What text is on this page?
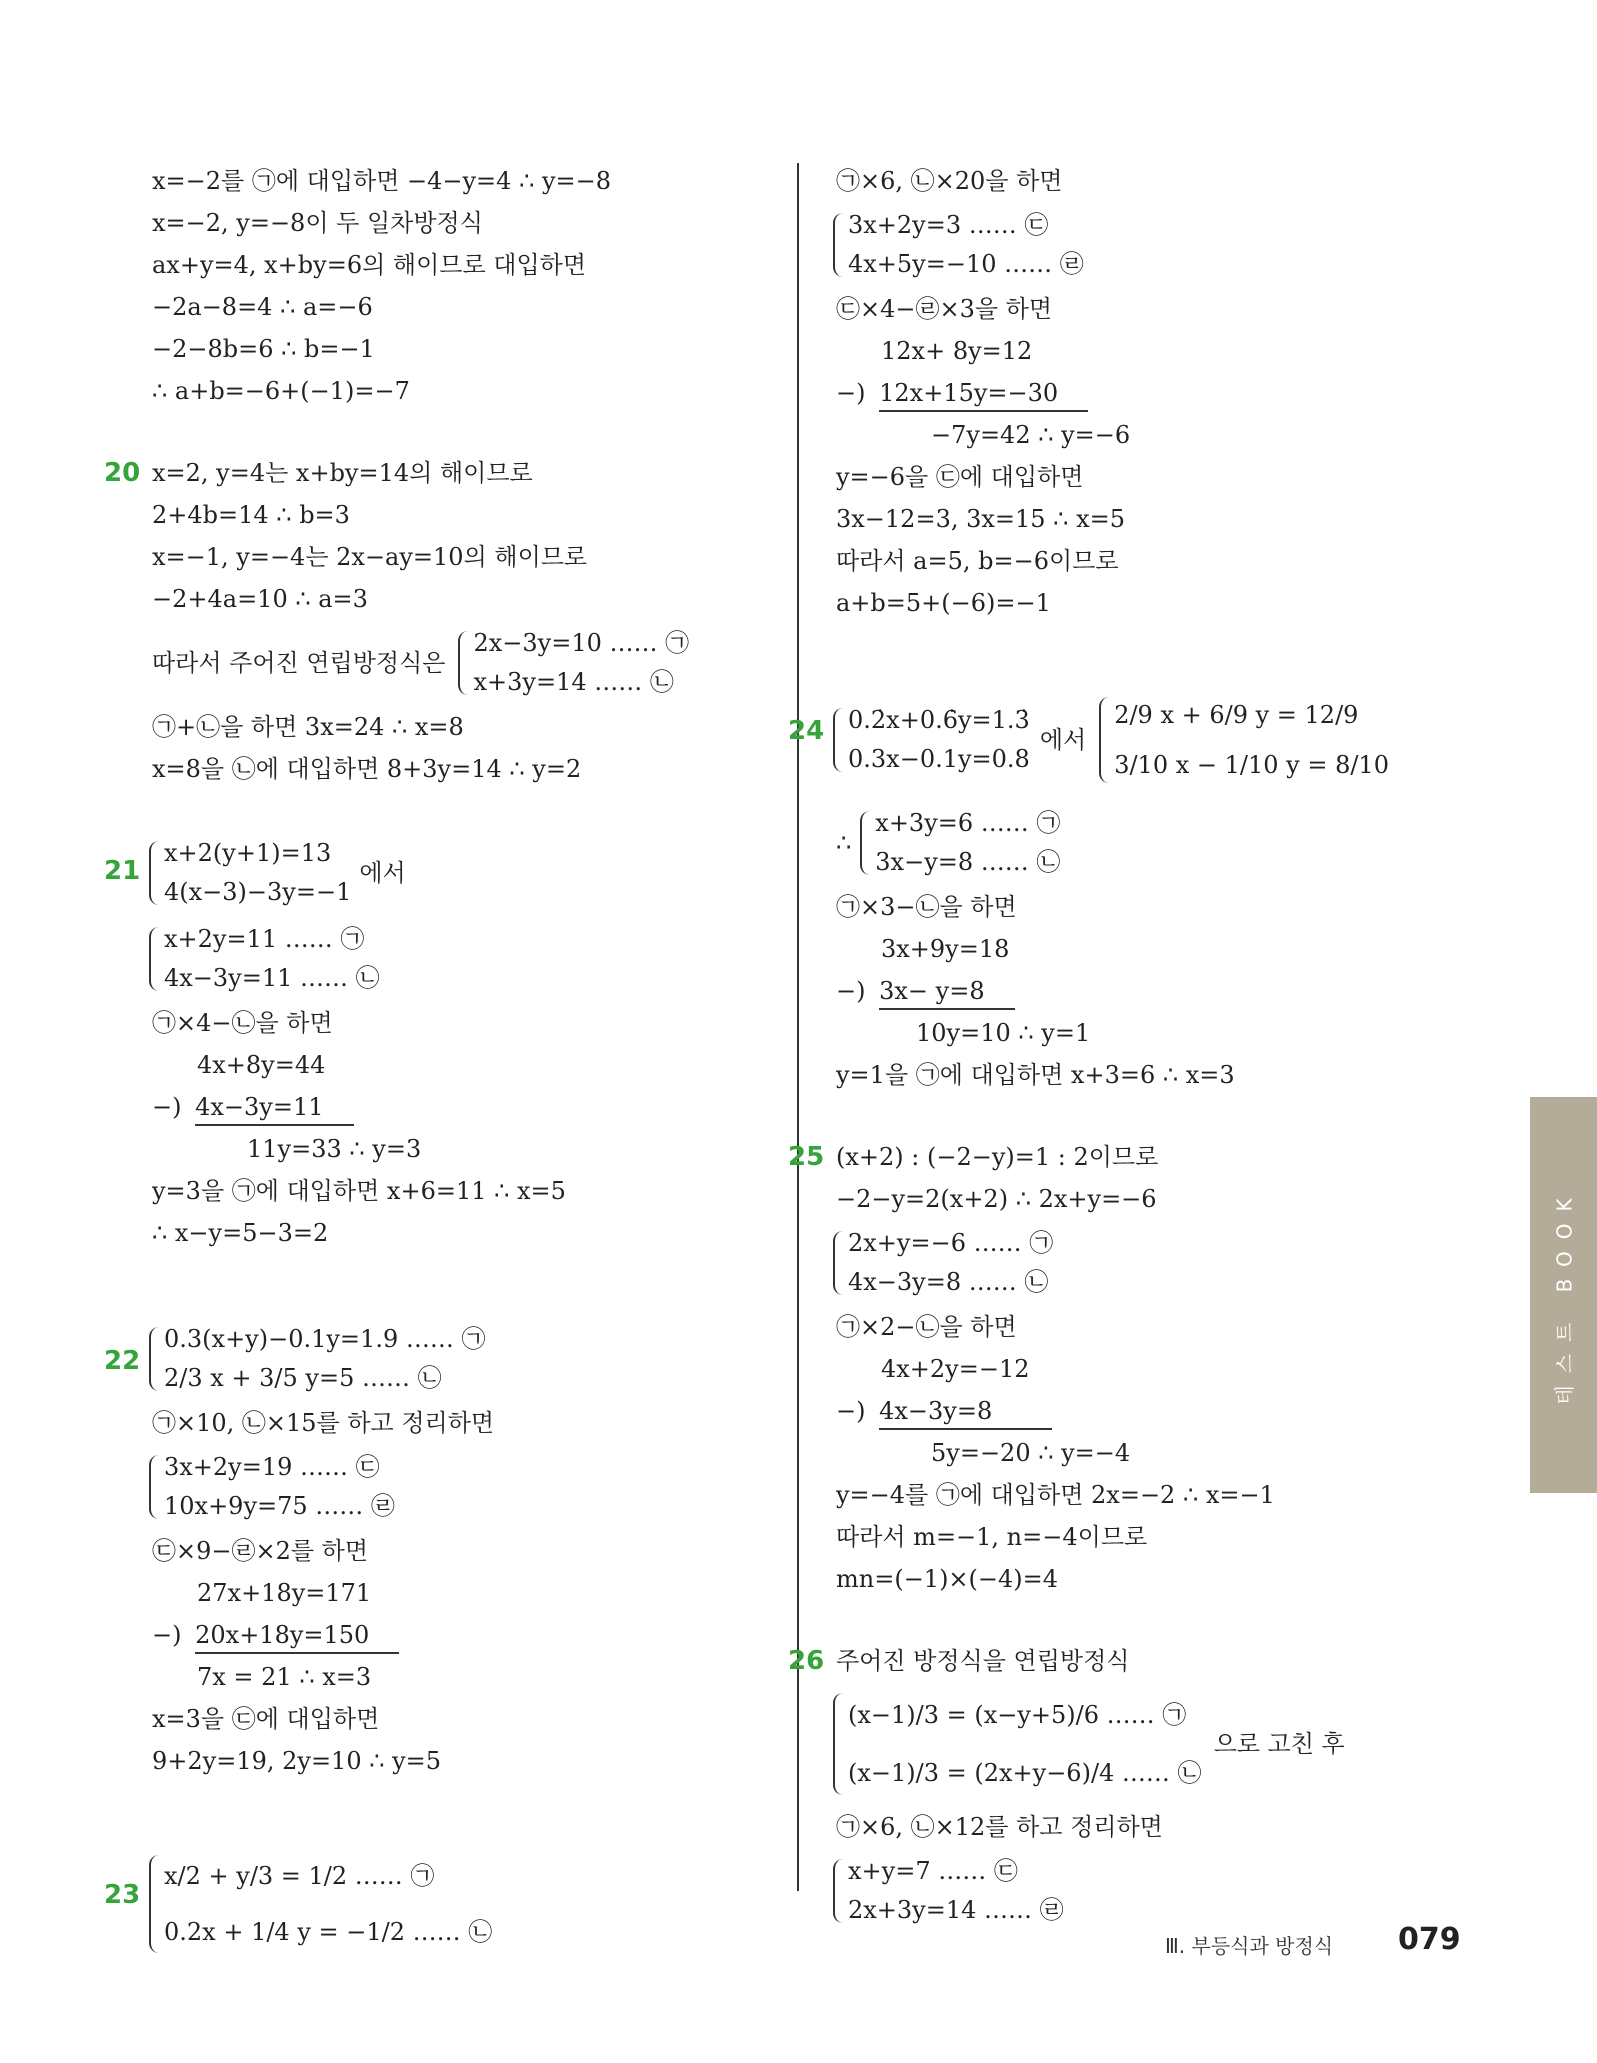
x=−2를 ㉠에 대입하면 −4−y=4 ∴ y=−8
x=−2, y=−8이 두 일차방정식
ax+y=4, x+by=6의 해이므로 대입하면
−2a−8=4 ∴ a=−6
−2−8b=6 ∴ b=−1
∴ a+b=−6+(−1)=−7
20 x=2, y=4는 x+by=14의 해이므로
2+4b=14 ∴ b=3
x=−1, y=−4는 2x−ay=10의 해이므로
−2+4a=10 ∴ a=3
따라서 주어진 연립방정식은
2x−3y=10 …… ㉠
x+3y=14 …… ㉡
㉠+㉡을 하면 3x=24 ∴ x=8
x=8을 ㉡에 대입하면 8+3y=14 ∴ y=2
21
x+2(y+1)=13
4(x−3)−3y=−1
에서
x+2y=11 …… ㉠
4x−3y=11 …… ㉡
㉠×4−㉡을 하면
4x+8y=44
−) 4x−3y=11
11y=33 ∴ y=3
y=3을 ㉠에 대입하면 x+6=11 ∴ x=5
∴ x−y=5−3=2
22
0.3(x+y)−0.1y=1.9 …… ㉠
2/3 x + 3/5 y=5 …… ㉡
㉠×10, ㉡×15를 하고 정리하면
3x+2y=19 …… ㉢
10x+9y=75 …… ㉣
㉢×9−㉣×2를 하면
27x+18y=171
−) 20x+18y=150
7x = 21 ∴ x=3
x=3을 ㉢에 대입하면
9+2y=19, 2y=10 ∴ y=5
23
x/2 + y/3 = 1/2 …… ㉠
0.2x + 1/4 y = −1/2 …… ㉡
㉠×6, ㉡×20을 하면
3x+2y=3 …… ㉢
4x+5y=−10 …… ㉣
㉢×4−㉣×3을 하면
12x+ 8y=12
−) 12x+15y=−30
−7y=42 ∴ y=−6
y=−6을 ㉢에 대입하면
3x−12=3, 3x=15 ∴ x=5
따라서 a=5, b=−6이므로
a+b=5+(−6)=−1
24 0.2̇x+0.6̇y=1.3̇
0.3x−0.1y=0.8
에서
2/9 x + 6/9 y = 12/9
3/10 x − 1/10 y = 8/10
∴
x+3y=6 …… ㉠
3x−y=8 …… ㉡
㉠×3−㉡을 하면
3x+9y=18
−) 3x− y=8
10y=10 ∴ y=1
y=1을 ㉠에 대입하면 x+3=6 ∴ x=3
25 (x+2) : (−2−y)=1 : 2이므로
−2−y=2(x+2) ∴ 2x+y=−6
2x+y=−6 …… ㉠
4x−3y=8 …… ㉡
㉠×2−㉡을 하면
4x+2y=−12
−) 4x−3y=8
5y=−20 ∴ y=−4
y=−4를 ㉠에 대입하면 2x=−2 ∴ x=−1
따라서 m=−1, n=−4이므로
mn=(−1)×(−4)=4
26 주어진 방정식을 연립방정식
(x−1)/3 = (x−y+5)/6 …… ㉠
(x−1)/3 = (2x+y−6)/4 …… ㉡
으로 고친 후
㉠×6, ㉡×12를 하고 정리하면
x+y=7 …… ㉢
2x+3y=14 …… ㉣
테스트 BOOK
Ⅲ. 부등식과 방정식 079
